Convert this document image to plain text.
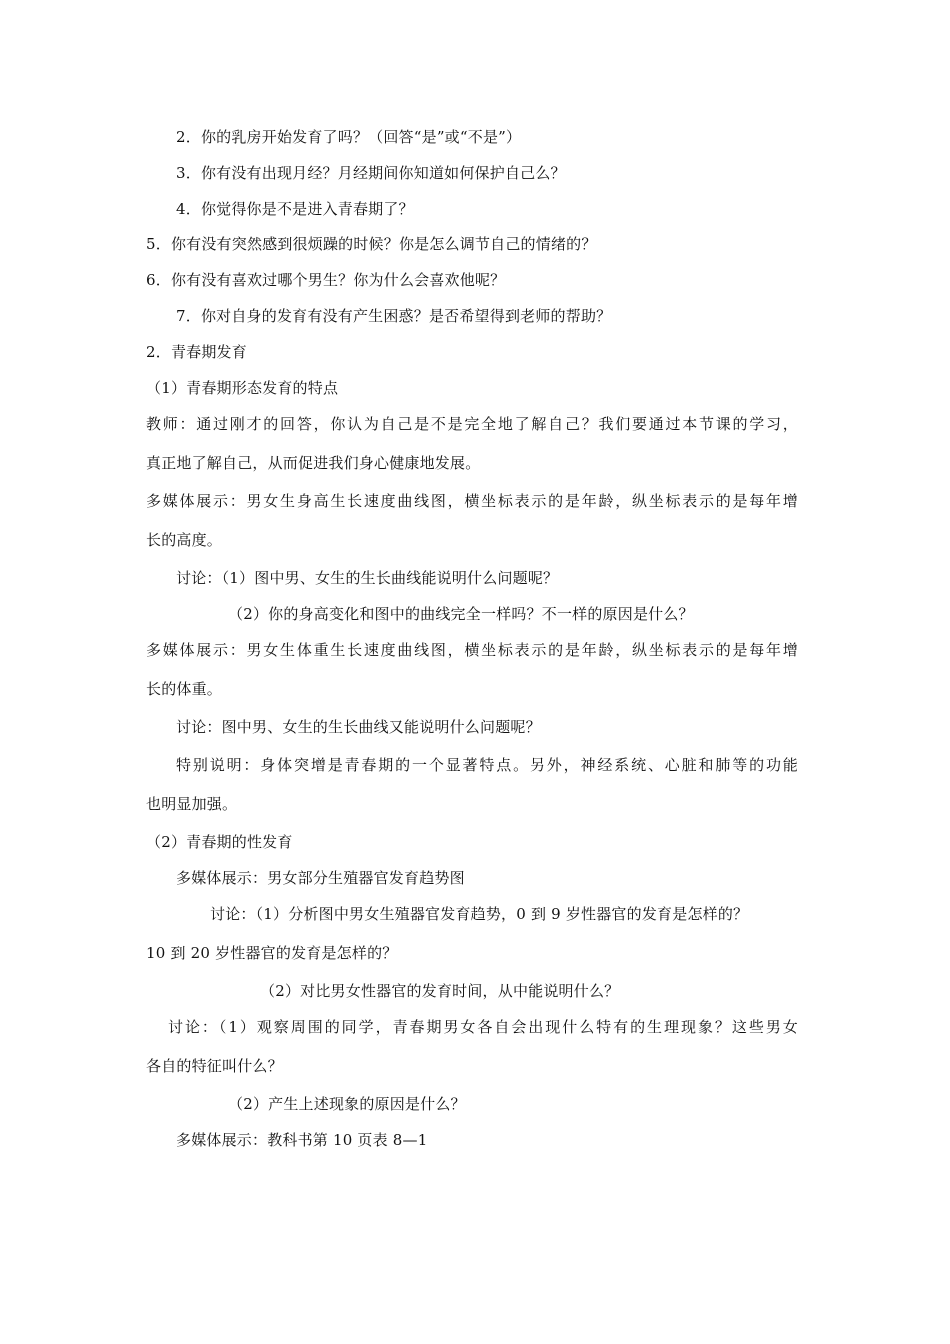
2．你的乳房开始发育了吗？（回答“是”或“不是”）
3．你有没有出现月经？月经期间你知道如何保护自己么？
4．你觉得你是不是进入青春期了？
5．你有没有突然感到很烦躁的时候？你是怎么调节自己的情绪的？
6．你有没有喜欢过哪个男生？你为什么会喜欢他呢？
7．你对自身的发育有没有产生困惑？是否希望得到老师的帮助？
2．青春期发育
（1）青春期形态发育的特点
教师：通过刚才的回答，你认为自己是不是完全地了解自己？我们要通过本节课的学习，
真正地了解自己，从而促进我们身心健康地发展。
多媒体展示：男女生身高生长速度曲线图，横坐标表示的是年龄，纵坐标表示的是每年增
长的高度。
讨论：（1）图中男、女生的生长曲线能说明什么问题呢？
（2）你的身高变化和图中的曲线完全一样吗？不一样的原因是什么？
多媒体展示：男女生体重生长速度曲线图，横坐标表示的是年龄，纵坐标表示的是每年增
长的体重。
讨论：图中男、女生的生长曲线又能说明什么问题呢？
特别说明：身体突增是青春期的一个显著特点。另外，神经系统、心脏和肺等的功能
也明显加强。
（2）青春期的性发育
多媒体展示：男女部分生殖器官发育趋势图
讨论：（1）分析图中男女生殖器官发育趋势，0 到 9 岁性器官的发育是怎样的？
10 到 20 岁性器官的发育是怎样的？
（2）对比男女性器官的发育时间，从中能说明什么？
讨论：（1）观察周围的同学，青春期男女各自会出现什么特有的生理现象？这些男女
各自的特征叫什么？
（2）产生上述现象的原因是什么？
多媒体展示：教科书第 10 页表 8—1
